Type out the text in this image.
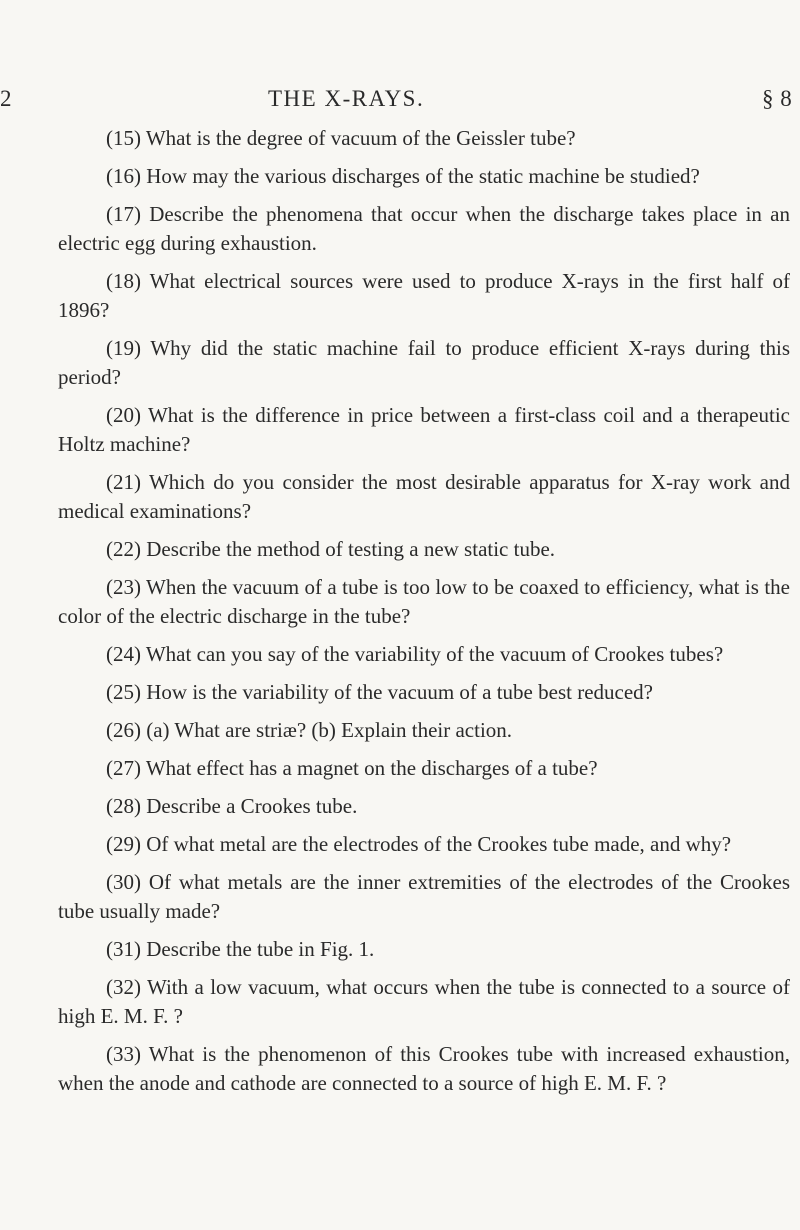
2	THE X-RAYS.	§ 8

(15) What is the degree of vacuum of the Geissler tube?

(16) How may the various discharges of the static machine be studied?

(17) Describe the phenomena that occur when the discharge takes place in an electric egg during exhaustion.

(18) What electrical sources were used to produce X-rays in the first half of 1896?

(19) Why did the static machine fail to produce efficient X-rays during this period?

(20) What is the difference in price between a first-class coil and a therapeutic Holtz machine?

(21) Which do you consider the most desirable apparatus for X-ray work and medical examinations?

(22) Describe the method of testing a new static tube.

(23) When the vacuum of a tube is too low to be coaxed to efficiency, what is the color of the electric discharge in the tube?

(24) What can you say of the variability of the vacuum of Crookes tubes?

(25) How is the variability of the vacuum of a tube best reduced?

(26) (a) What are striæ? (b) Explain their action.

(27) What effect has a magnet on the discharges of a tube?

(28) Describe a Crookes tube.

(29) Of what metal are the electrodes of the Crookes tube made, and why?

(30) Of what metals are the inner extremities of the electrodes of the Crookes tube usually made?

(31) Describe the tube in Fig. 1.

(32) With a low vacuum, what occurs when the tube is connected to a source of high E. M. F. ?

(33) What is the phenomenon of this Crookes tube with increased exhaustion, when the anode and cathode are connected to a source of high E. M. F. ?
